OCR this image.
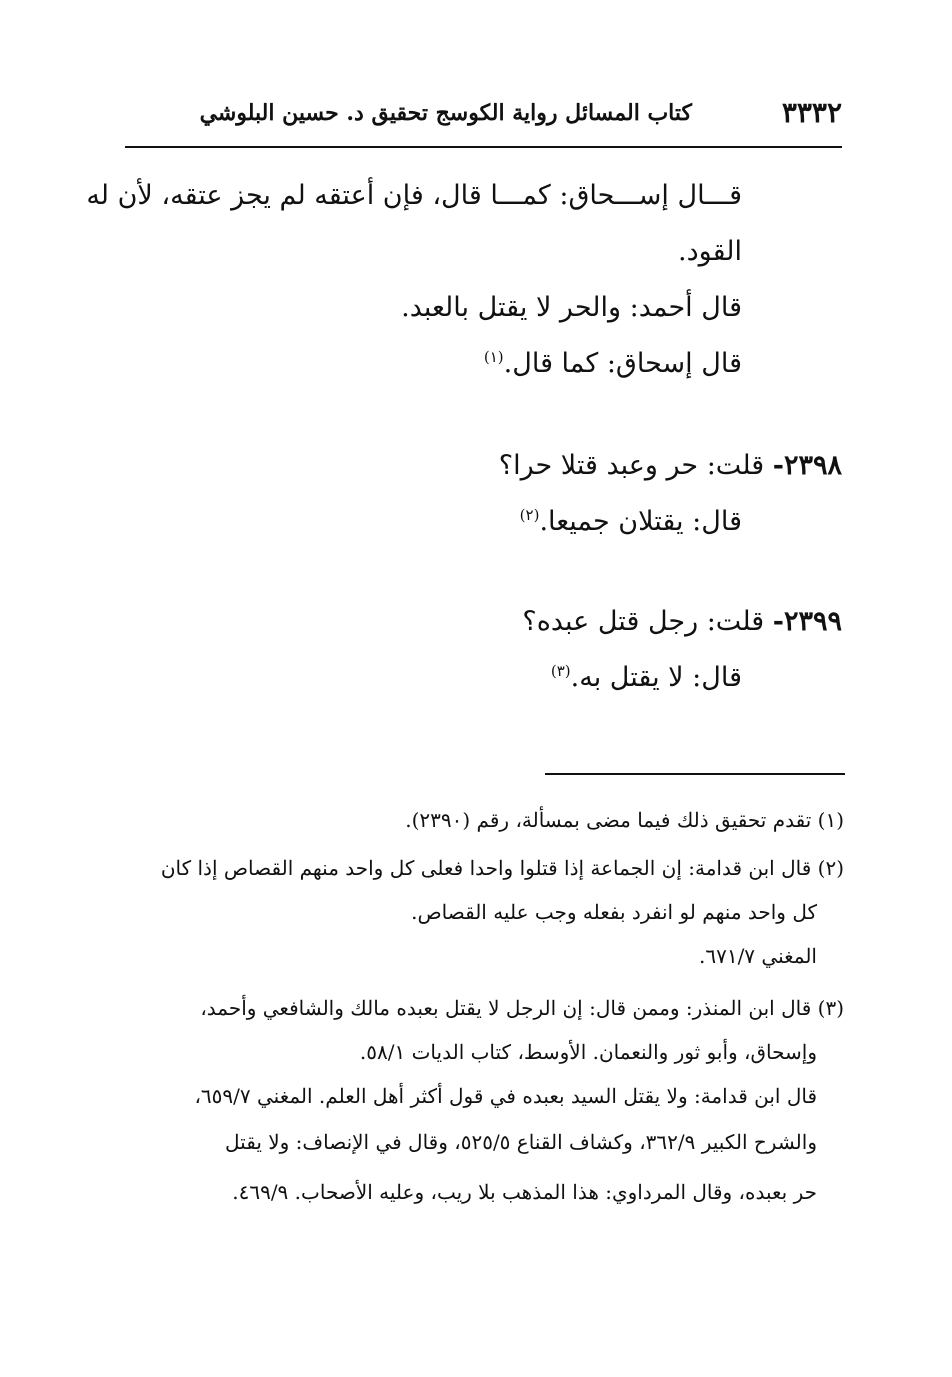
٣٣٣٢
كتاب المسائل رواية الكوسج تحقيق د. حسين البلوشي
قـــال إســـحاق: كمـــا قال، فإن أعتقه لم يجز عتقه، لأن له
القود.
قال أحمد: والحر لا يقتل بالعبد.
قال إسحاق: كما قال.$^{(١)}$
٢٣٩٨- قلت: حر وعبد قتلا حرا؟
قال: يقتلان جميعا.$^{(٢)}$
٢٣٩٩- قلت: رجل قتل عبده؟
قال: لا يقتل به.$^{(٣)}$
(١) تقدم تحقيق ذلك فيما مضى بمسألة، رقم (٢٣٩٠).
(٢) قال ابن قدامة: إن الجماعة إذا قتلوا واحدا فعلى كل واحد منهم القصاص إذا كان
كل واحد منهم لو انفرد بفعله وجب عليه القصاص.
المغني ٦٧١/٧.
(٣) قال ابن المنذر: وممن قال: إن الرجل لا يقتل بعبده مالك والشافعي وأحمد،
وإسحاق، وأبو ثور والنعمان. الأوسط، كتاب الديات ٥٨/١.
قال ابن قدامة: ولا يقتل السيد بعبده في قول أكثر أهل العلم. المغني ٦٥٩/٧،
والشرح الكبير ٣٦٢/٩، وكشاف القناع ٥٢٥/٥، وقال في الإنصاف: ولا يقتل
حر بعبده، وقال المرداوي: هذا المذهب بلا ريب، وعليه الأصحاب. ٤٦٩/٩.
